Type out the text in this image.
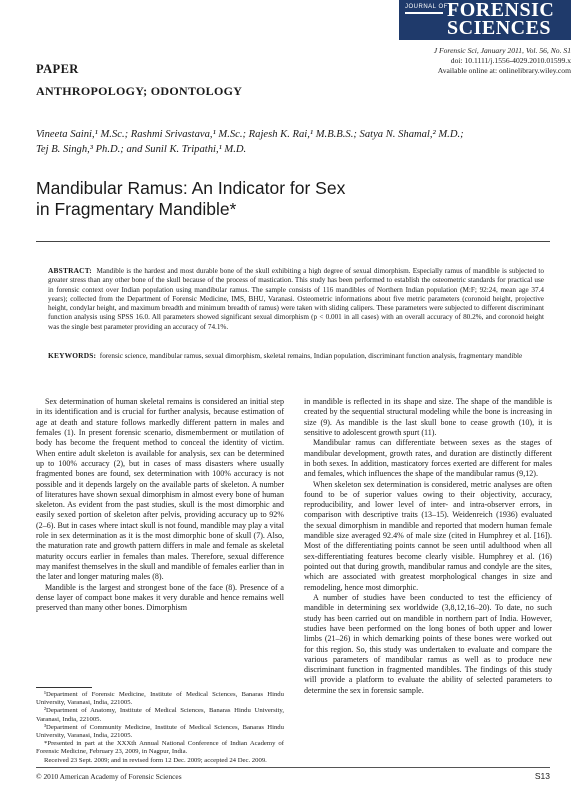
JOURNAL OF FORENSIC
SCIENCES
J Forensic Sci, January 2011, Vol. 56, No. S1
doi: 10.1111/j.1556-4029.2010.01599.x
Available online at: onlinelibrary.wiley.com
PAPER
ANTHROPOLOGY; ODONTOLOGY
Vineeta Saini,¹ M.Sc.; Rashmi Srivastava,¹ M.Sc.; Rajesh K. Rai,¹ M.B.B.S.; Satya N. Shamal,² M.D.;
Tej B. Singh,³ Ph.D.; and Sunil K. Tripathi,¹ M.D.
Mandibular Ramus: An Indicator for Sex
in Fragmentary Mandible*
ABSTRACT: Mandible is the hardest and most durable bone of the skull exhibiting a high degree of sexual dimorphism. Especially ramus of mandible is subjected to greater stress than any other bone of the skull because of the process of mastication. This study has been performed to establish the osteometric standards for practical use in forensic context over Indian population using mandibular ramus. The sample consists of 116 mandibles of Northern Indian population (M:F; 92:24, mean age 37.4 years); collected from the Department of Forensic Medicine, IMS, BHU, Varanasi. Osteometric informations about five metric parameters (coronoid height, projective height, condylar height, and maximum breadth and minimum breadth of ramus) were taken with sliding calipers. These parameters were subjected to different discriminant function analysis using SPSS 16.0. All parameters showed significant sexual dimorphism (p < 0.001 in all cases) with an overall accuracy of 80.2%, and coronoid height was the single best parameter providing an accuracy of 74.1%.
KEYWORDS: forensic science, mandibular ramus, sexual dimorphism, skeletal remains, Indian population, discriminant function analysis, fragmentary mandible

Sex determination of human skeletal remains is considered an initial step in its identification and is crucial for further analysis, because estimation of age at death and stature follows markedly different pattern in males and females (1). In present forensic scenario, dismemberment or mutilation of body has become the frequent method to conceal the identity of victim. When entire adult skeleton is available for analysis, sex can be determined up to 100% accuracy (2), but in cases of mass disasters where usually fragmented bones are found, sex determination with 100% accuracy is not possible and it depends largely on the available parts of skeleton. A number of literatures have shown sexual dimorphism in almost every bone of human skeleton. As evident from the past studies, skull is the most dimorphic and easily sexed portion of skeleton after pelvis, providing accuracy up to 92% (2–6). But in cases where intact skull is not found, mandible may play a vital role in sex determination as it is the most dimorphic bone of skull (7). Also, the maturation rate and growth pattern differs in male and female as skeletal maturity occurs earlier in females than males. Therefore, sexual difference may manifest themselves in the skull and mandible of females earlier than in the later and longer maturing males (8).

Mandible is the largest and strongest bone of the face (8). Presence of a dense layer of compact bone makes it very durable and hence remains well preserved than many other bones. Dimorphism

in mandible is reflected in its shape and size. The shape of the mandible is created by the sequential structural modeling while the bone is increasing in size (9). As mandible is the last skull bone to cease growth (10), it is sensitive to adolescent growth spurt (11).

Mandibular ramus can differentiate between sexes as the stages of mandibular development, growth rates, and duration are distinctly different in both sexes. In addition, masticatory forces exerted are different for males and females, which influences the shape of the mandibular ramus (9,12).

When skeleton sex determination is considered, metric analyses are often found to be of superior values owing to their objectivity, accuracy, reproducibility, and lower level of inter- and intra-observer errors, in comparison with descriptive traits (13–15). Weidenreich (1936) evaluated the sexual dimorphism in mandible and reported that modern human female mandible size averaged 92.4% of male size (cited in Humphrey et al. [16]). Most of the differentiating points cannot be seen until adulthood when all sex-differentiating features become clearly visible. Humphrey et al. (16) pointed out that during growth, mandibular ramus and condyle are the sites, which are associated with greatest morphological changes in size and remodeling, hence most dimorphic.

A number of studies have been conducted to test the efficiency of mandible in determining sex worldwide (3,8,12,16–20). To date, no such study has been carried out on mandible in northern part of India. However, studies have been performed on the long bones of both upper and lower limbs (21–26) in which demarking points of these bones were worked out for this region. So, this study was undertaken to evaluate and compare the various parameters of mandibular ramus as well as to produce new discriminant function in fragmented mandibles. The findings of this study will provide a platform to evaluate the ability of selected parameters to determine the sex in forensic sample.

¹Department of Forensic Medicine, Institute of Medical Sciences, Banaras Hindu University, Varanasi, India, 221005.

²Department of Anatomy, Institute of Medical Sciences, Banaras Hindu University, Varanasi, India, 221005.

³Department of Community Medicine, Institute of Medical Sciences, Banaras Hindu University, Varanasi, India, 221005.

*Presented in part at the XXXth Annual National Conference of Indian Academy of Forensic Medicine, February 23, 2009, in Nagpur, India.

Received 23 Sept. 2009; and in revised form 12 Dec. 2009; accepted 24 Dec. 2009.

© 2010 American Academy of Forensic Sciences	S13
